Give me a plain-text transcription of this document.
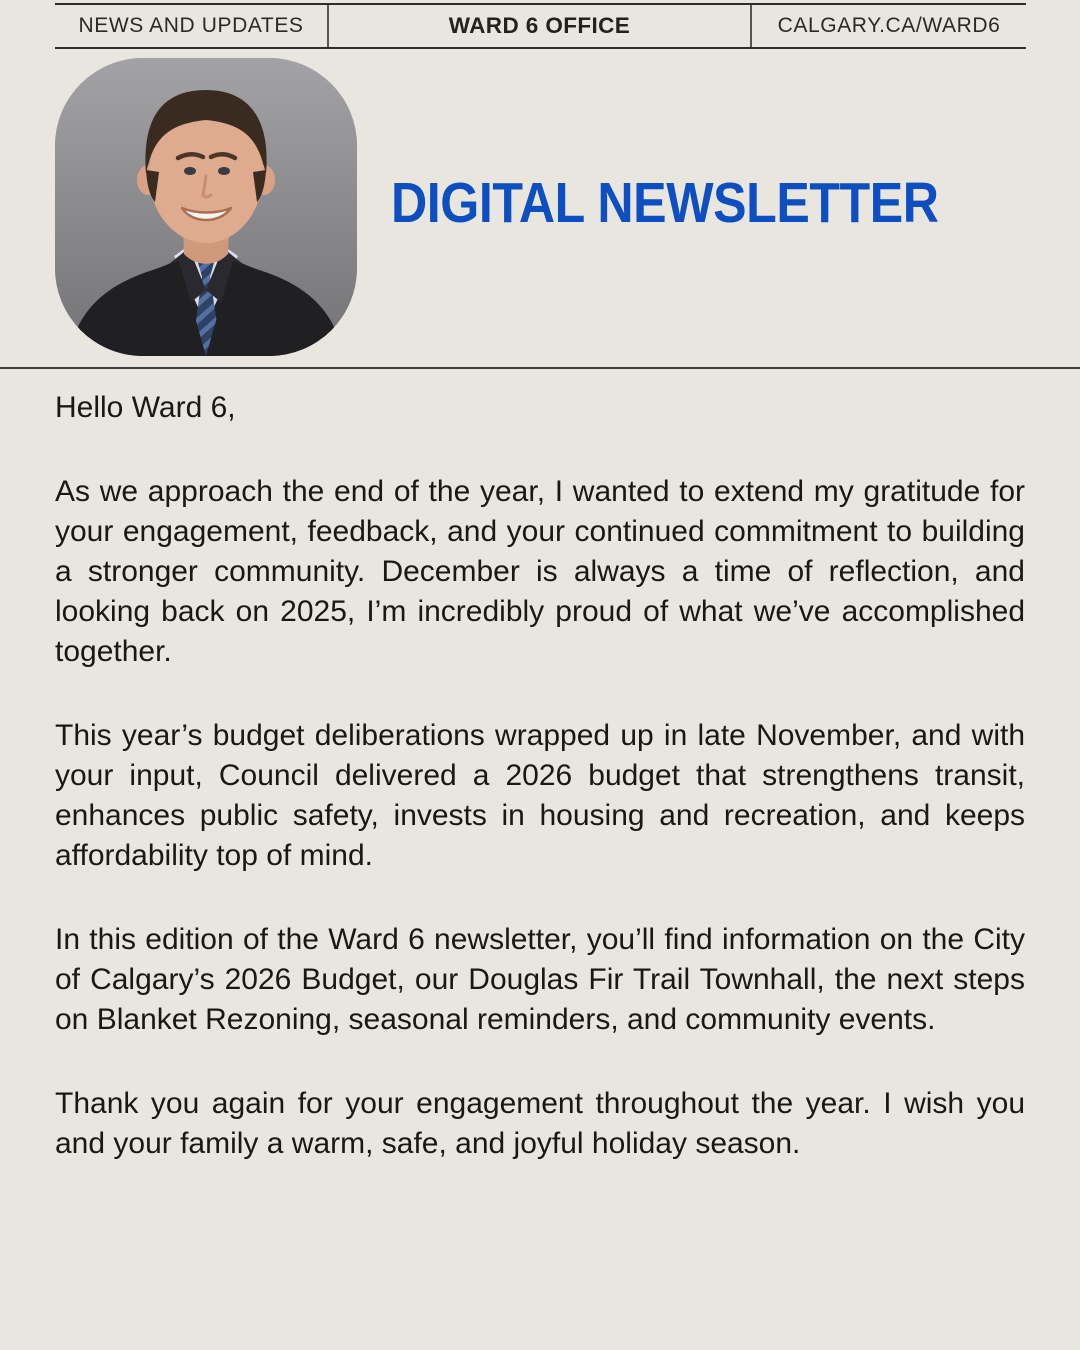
NEWS AND UPDATES	WARD 6 OFFICE	CALGARY.CA/WARD6
DIGITAL NEWSLETTER

Hello Ward 6,

As we approach the end of the year, I wanted to extend my gratitude for your engagement, feedback, and your continued commitment to building a stronger community. December is always a time of reflection, and looking back on 2025, I’m incredibly proud of what we’ve accomplished together.

This year’s budget deliberations wrapped up in late November, and with your input, Council delivered a 2026 budget that strengthens transit, enhances public safety, invests in housing and recreation, and keeps affordability top of mind.

In this edition of the Ward 6 newsletter, you’ll find information on the City of Calgary’s 2026 Budget, our Douglas Fir Trail Townhall, the next steps on Blanket Rezoning, seasonal reminders, and community events.

Thank you again for your engagement throughout the year. I wish you and your family a warm, safe, and joyful holiday season.
